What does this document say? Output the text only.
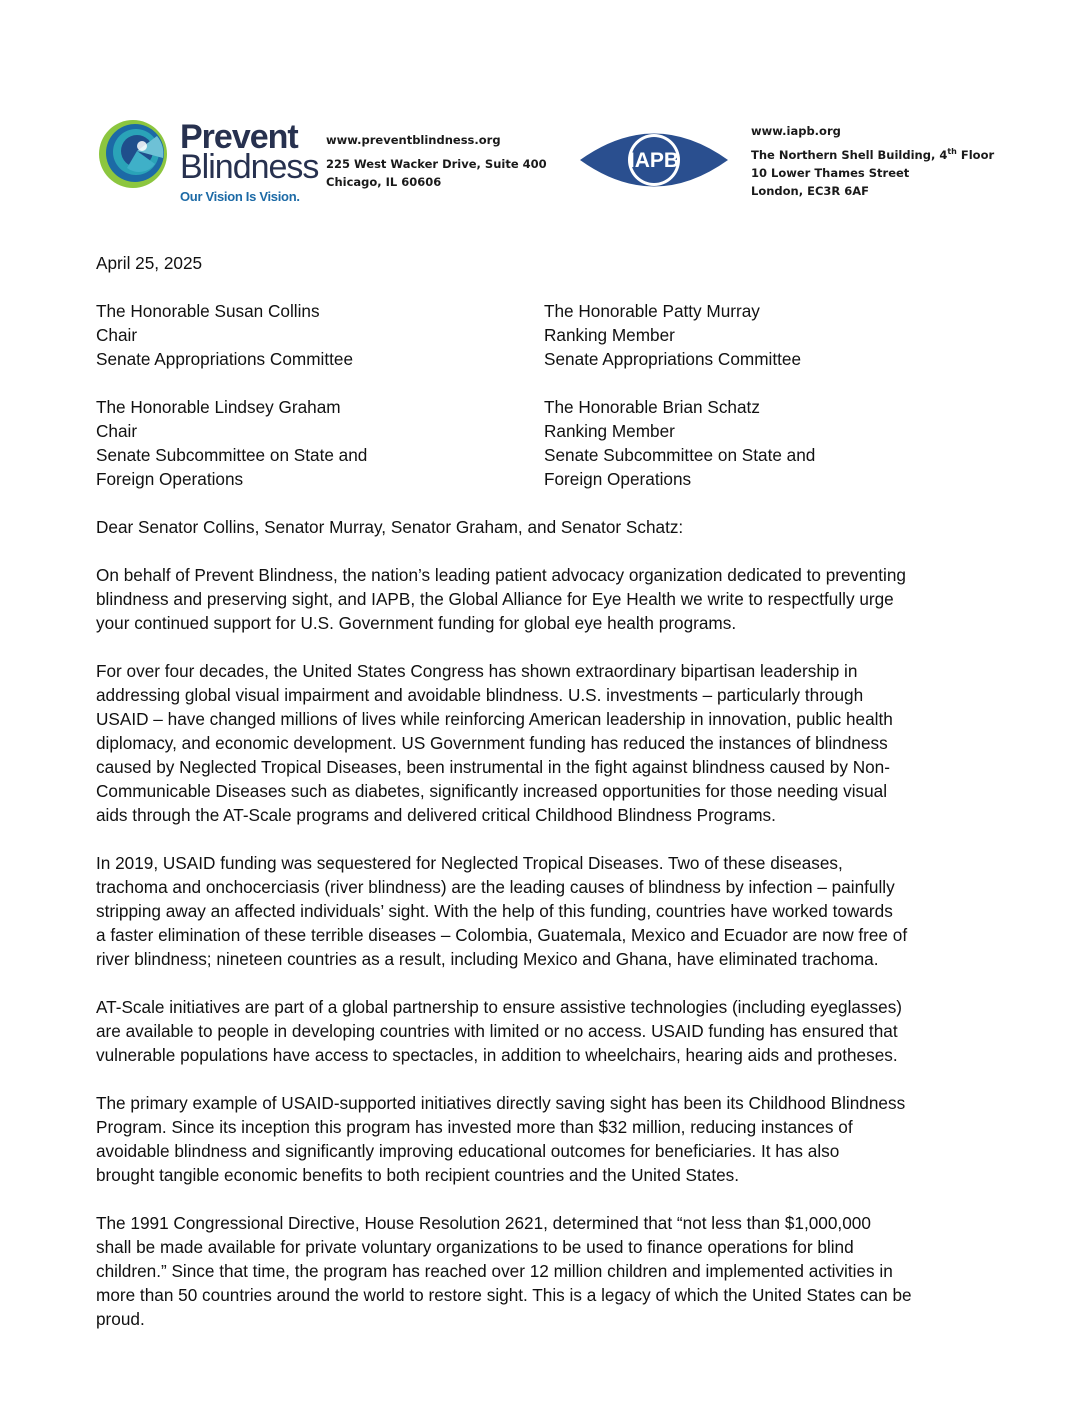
Prevent
Blindness
Our Vision Is Vision.
www.preventblindness.org
225 West Wacker Drive, Suite 400
Chicago, IL 60606
IAPB
www.iapb.org
The Northern Shell Building, 4th Floor
10 Lower Thames Street
London, EC3R 6AF

April 25, 2025

The Honorable Susan Collins
Chair
Senate Appropriations Committee
The Honorable Patty Murray
Ranking Member
Senate Appropriations Committee
The Honorable Lindsey Graham
Chair
Senate Subcommittee on State and
Foreign Operations
The Honorable Brian Schatz
Ranking Member
Senate Subcommittee on State and
Foreign Operations

Dear Senator Collins, Senator Murray, Senator Graham, and Senator Schatz:

On behalf of Prevent Blindness, the nation’s leading patient advocacy organization dedicated to preventing
blindness and preserving sight, and IAPB, the Global Alliance for Eye Health we write to respectfully urge
your continued support for U.S. Government funding for global eye health programs.

For over four decades, the United States Congress has shown extraordinary bipartisan leadership in
addressing global visual impairment and avoidable blindness. U.S. investments – particularly through
USAID – have changed millions of lives while reinforcing American leadership in innovation, public health
diplomacy, and economic development. US Government funding has reduced the instances of blindness
caused by Neglected Tropical Diseases, been instrumental in the fight against blindness caused by Non-
Communicable Diseases such as diabetes, significantly increased opportunities for those needing visual
aids through the AT-Scale programs and delivered critical Childhood Blindness Programs.

In 2019, USAID funding was sequestered for Neglected Tropical Diseases. Two of these diseases,
trachoma and onchocerciasis (river blindness) are the leading causes of blindness by infection – painfully
stripping away an affected individuals’ sight. With the help of this funding, countries have worked towards
a faster elimination of these terrible diseases – Colombia, Guatemala, Mexico and Ecuador are now free of
river blindness; nineteen countries as a result, including Mexico and Ghana, have eliminated trachoma.

AT-Scale initiatives are part of a global partnership to ensure assistive technologies (including eyeglasses)
are available to people in developing countries with limited or no access. USAID funding has ensured that
vulnerable populations have access to spectacles, in addition to wheelchairs, hearing aids and protheses.

The primary example of USAID-supported initiatives directly saving sight has been its Childhood Blindness
Program. Since its inception this program has invested more than $32 million, reducing instances of
avoidable blindness and significantly improving educational outcomes for beneficiaries. It has also
brought tangible economic benefits to both recipient countries and the United States.

The 1991 Congressional Directive, House Resolution 2621, determined that “not less than $1,000,000
shall be made available for private voluntary organizations to be used to finance operations for blind
children.” Since that time, the program has reached over 12 million children and implemented activities in
more than 50 countries around the world to restore sight. This is a legacy of which the United States can be
proud.
